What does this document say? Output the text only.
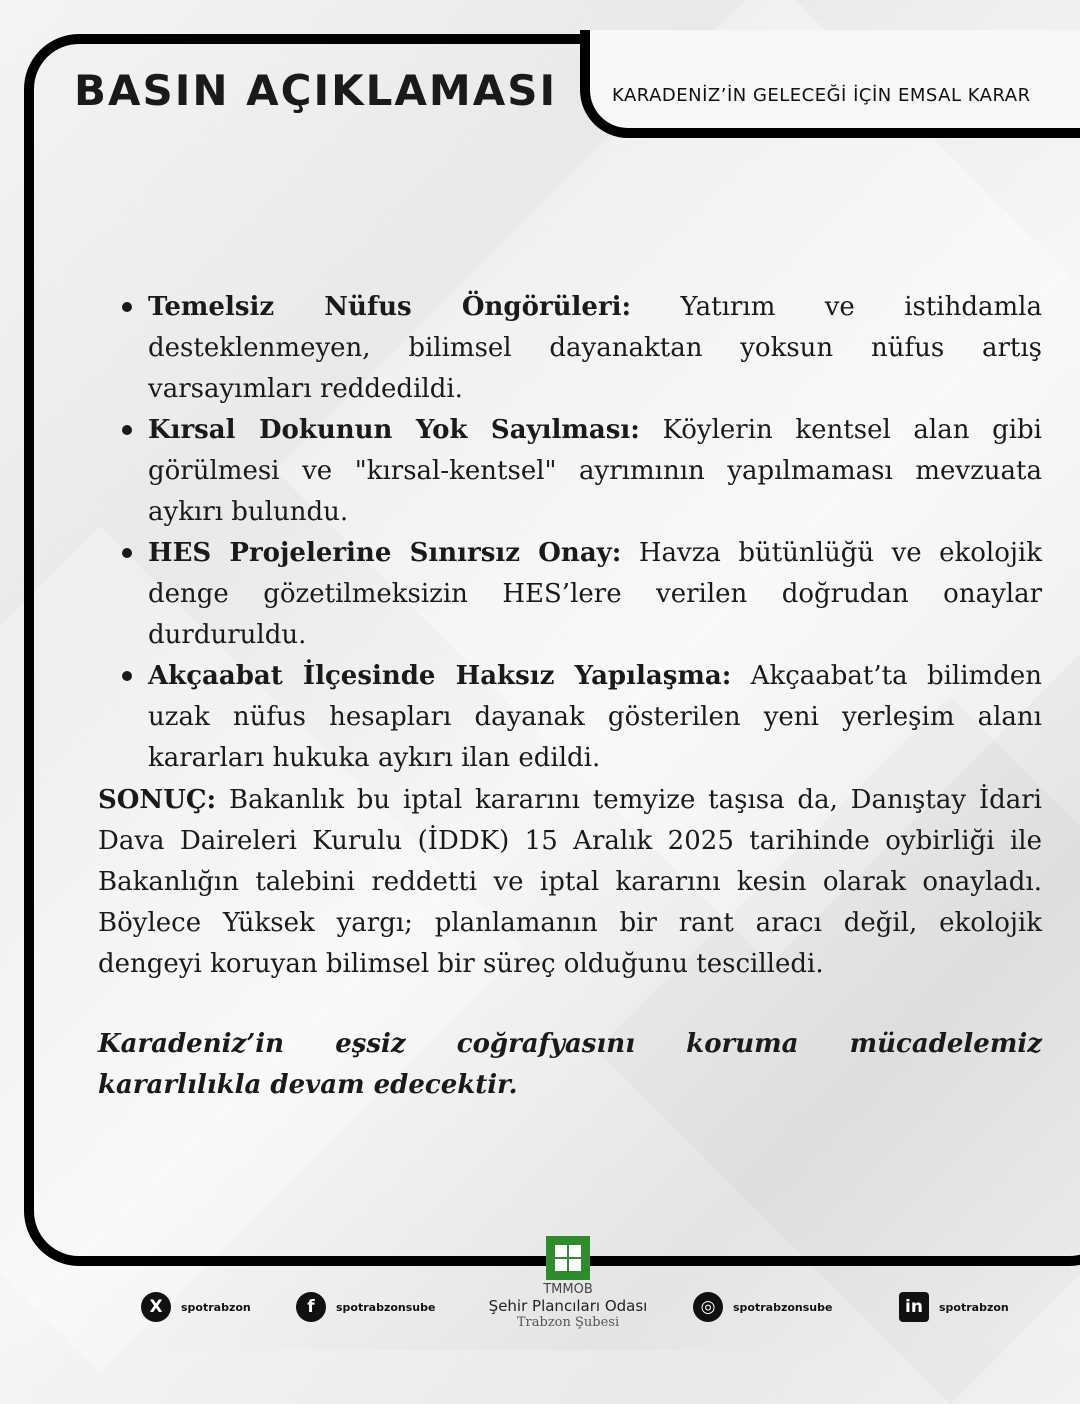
BASIN AÇIKLAMASI	KARADENİZ’İN GELECEĞİ İÇİN EMSAL KARAR

Temelsiz Nüfus Öngörüleri: Yatırım ve istihdamla desteklenmeyen, bilimsel dayanaktan yoksun nüfus artış varsayımları reddedildi.
Kırsal Dokunun Yok Sayılması: Köylerin kentsel alan gibi görülmesi ve "kırsal-kentsel" ayrımının yapılmaması mevzuata aykırı bulundu.
HES Projelerine Sınırsız Onay: Havza bütünlüğü ve ekolojik denge gözetilmeksizin HES’lere verilen doğrudan onaylar durduruldu.
Akçaabat İlçesinde Haksız Yapılaşma: Akçaabat’ta bilimden uzak nüfus hesapları dayanak gösterilen yeni yerleşim alanı kararları hukuka aykırı ilan edildi.

SONUÇ: Bakanlık bu iptal kararını temyize taşısa da, Danıştay İdari Dava Daireleri Kurulu (İDDK) 15 Aralık 2025 tarihinde oybirliği ile Bakanlığın talebini reddetti ve iptal kararını kesin olarak onayladı. Böylece Yüksek yargı; planlamanın bir rant aracı değil, ekolojik dengeyi koruyan bilimsel bir süreç olduğunu tescilledi.

Karadeniz’in eşsiz coğrafyasını koruma mücadelemiz kararlılıkla devam edecektir.

X	spotrabzon	f	spotrabzonsube	◎	spotrabzonsube	in	spotrabzon
TMMOB
Şehir Plancıları Odası
Trabzon Şubesi
